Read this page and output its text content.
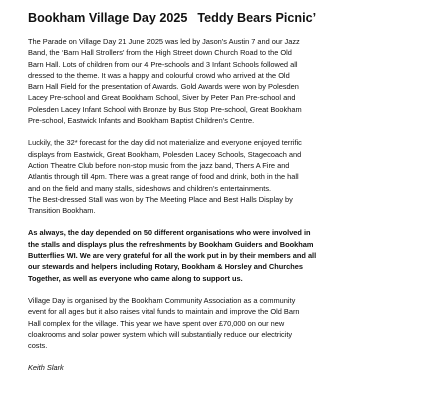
Bookham Village Day 2025 Teddy Bears Picnic’

The Parade on Village Day 21 June 2025 was led by Jason’s Austin 7 and our Jazz
Band, the ‘Barn Hall Strollers’ from the High Street down Church Road to the Old
Barn Hall. Lots of children from our 4 Pre-schools and 3 Infant Schools followed all
dressed to the theme. It was a happy and colourful crowd who arrived at the Old
Barn Hall Field for the presentation of Awards. Gold Awards were won by Polesden
Lacey Pre-school and Great Bookham School, Siver by Peter Pan Pre-school and
Polesden Lacey Infant School with Bronze by Bus Stop Pre-school, Great Bookham
Pre-school, Eastwick Infants and Bookham Baptist Children’s Centre.

Luckily, the 32* forecast for the day did not materialize and everyone enjoyed terrific
displays from Eastwick, Great Bookham, Polesden Lacey Schools, Stagecoach and
Action Theatre Club before non-stop music from the jazz band, Thers A Fire and
Atlantis through till 4pm. There was a great range of food and drink, both in the hall
and on the field and many stalls, sideshows and children’s entertainments.
The Best-dressed Stall was won by The Meeting Place and Best Halls Display by
Transition Bookham.

As always, the day depended on 50 different organisations who were involved in
the stalls and displays plus the refreshments by Bookham Guiders and Bookham
Butterflies WI. We are very grateful for all the work put in by their members and all
our stewards and helpers including Rotary, Bookham & Horsley and Churches
Together, as well as everyone who came along to support us.

Village Day is organised by the Bookham Community Association as a community
event for all ages but it also raises vital funds to maintain and improve the Old Barn
Hall complex for the village. This year we have spent over £70,000 on our new
cloakrooms and solar power system which will substantially reduce our electricity
costs.

Keith Slark
